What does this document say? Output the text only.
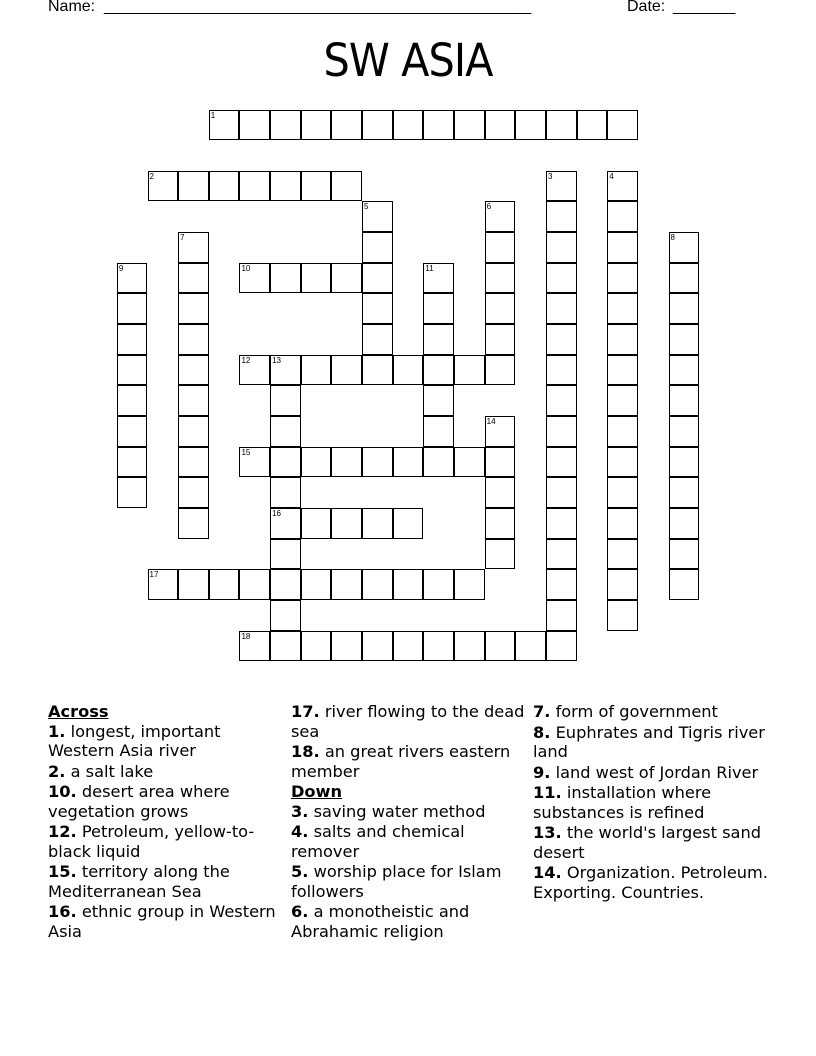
Name: ________________________________________________	Date: _______
SW ASIA
1
2	3	4
5	6
7	8
9	10	11
12	13
16
14
15
17
18
Across
1. longest, important Western Asia river
2. a salt lake
10. desert area where vegetation grows
12. Petroleum, yellow-to-black liquid
15. territory along the Mediterranean Sea
16. ethnic group in Western Asia
17. river flowing to the dead sea
18. an great rivers eastern member
Down
3. saving water method
4. salts and chemical remover
5. worship place for Islam followers
6. a monotheistic and Abrahamic religion
7. form of government
8. Euphrates and Tigris river land
9. land west of Jordan River
11. installation where substances is refined
13. the world's largest sand desert
14. Organization. Petroleum. Exporting. Countries.
